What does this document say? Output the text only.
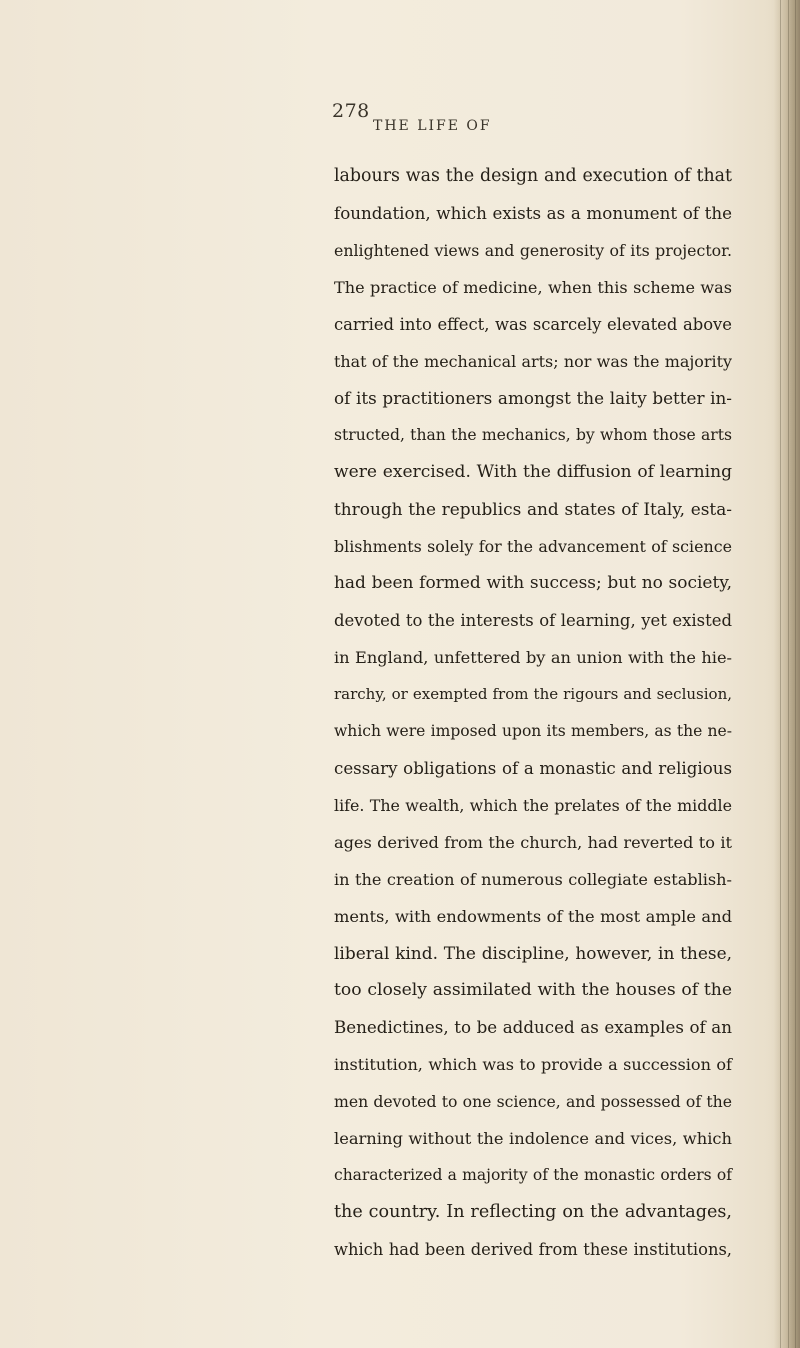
278
THE LIFE OF
labours was the design and execution of that
foundation, which exists as a monument of the
enlightened views and generosity of its projector.
The practice of medicine, when this scheme was
carried into effect, was scarcely elevated above
that of the mechanical arts; nor was the majority
of its practitioners amongst the laity better in-
structed, than the mechanics, by whom those arts
were exercised. With the diffusion of learning
through the republics and states of Italy, esta-
blishments solely for the advancement of science
had been formed with success; but no society,
devoted to the interests of learning, yet existed
in England, unfettered by an union with the hie-
rarchy, or exempted from the rigours and seclusion,
which were imposed upon its members, as the ne-
cessary obligations of a monastic and religious
life. The wealth, which the prelates of the middle
ages derived from the church, had reverted to it
in the creation of numerous collegiate establish-
ments, with endowments of the most ample and
liberal kind. The discipline, however, in these,
too closely assimilated with the houses of the
Benedictines, to be adduced as examples of an
institution, which was to provide a succession of
men devoted to one science, and possessed of the
learning without the indolence and vices, which
characterized a majority of the monastic orders of
the country. In reflecting on the advantages,
which had been derived from these institutions,
